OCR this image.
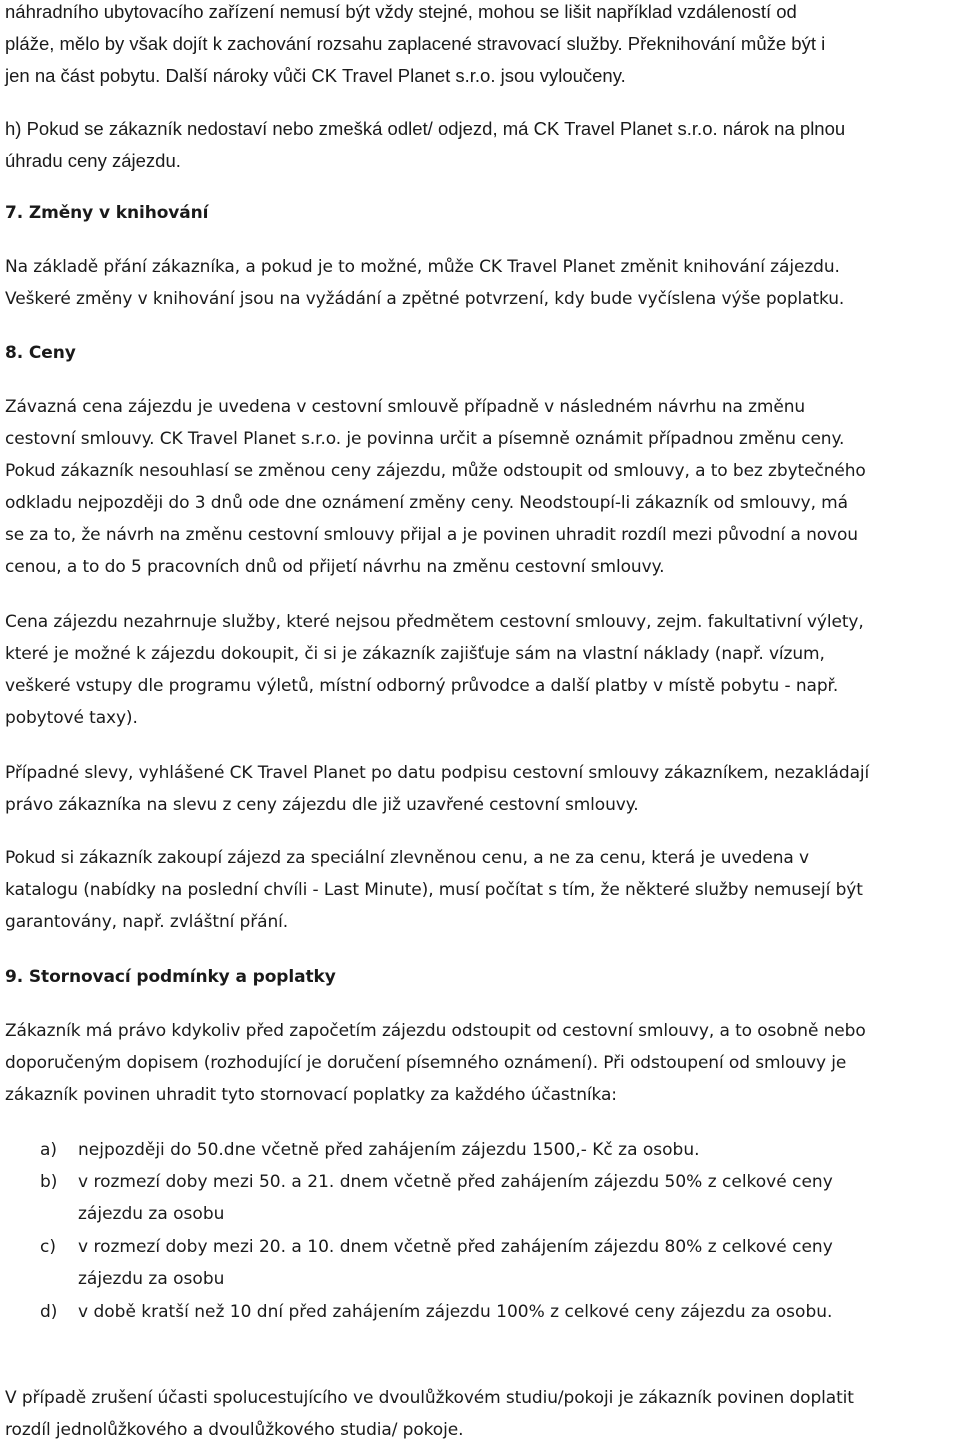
náhradního ubytovacího zařízení nemusí být vždy stejné, mohou se lišit například vzdáleností od
pláže, mělo by však dojít k zachování rozsahu zaplacené stravovací služby. Překnihování může být i
jen na část pobytu. Další nároky vůči CK Travel Planet s.r.o. jsou vyloučeny.
h) Pokud se zákazník nedostaví nebo zmešká odlet/ odjezd, má CK Travel Planet s.r.o. nárok na plnou
úhradu ceny zájezdu.
7. Změny v knihování
Na základě přání zákazníka, a pokud je to možné, může CK Travel Planet změnit knihování zájezdu.
Veškeré změny v knihování jsou na vyžádání a zpětné potvrzení, kdy bude vyčíslena výše poplatku.
8. Ceny
Závazná cena zájezdu je uvedena v cestovní smlouvě případně v následném návrhu na změnu
cestovní smlouvy. CK Travel Planet s.r.o. je povinna určit a písemně oznámit případnou změnu ceny.
Pokud zákazník nesouhlasí se změnou ceny zájezdu, může odstoupit od smlouvy, a to bez zbytečného
odkladu nejpozději do 3 dnů ode dne oznámení změny ceny. Neodstoupí-li zákazník od smlouvy, má
se za to, že návrh na změnu cestovní smlouvy přijal a je povinen uhradit rozdíl mezi původní a novou
cenou, a to do 5 pracovních dnů od přijetí návrhu na změnu cestovní smlouvy.
Cena zájezdu nezahrnuje služby, které nejsou předmětem cestovní smlouvy, zejm. fakultativní výlety,
které je možné k zájezdu dokoupit, či si je zákazník zajišťuje sám na vlastní náklady (např. vízum,
veškeré vstupy dle programu výletů, místní odborný průvodce a další platby v místě pobytu - např.
pobytové taxy).
Případné slevy, vyhlášené CK Travel Planet po datu podpisu cestovní smlouvy zákazníkem, nezakládají
právo zákazníka na slevu z ceny zájezdu dle již uzavřené cestovní smlouvy.
Pokud si zákazník zakoupí zájezd za speciální zlevněnou cenu, a ne za cenu, která je uvedena v
katalogu (nabídky na poslední chvíli - Last Minute), musí počítat s tím, že některé služby nemusejí být
garantovány, např. zvláštní přání.
9. Stornovací podmínky a poplatky
Zákazník má právo kdykoliv před započetím zájezdu odstoupit od cestovní smlouvy, a to osobně nebo
doporučeným dopisem (rozhodující je doručení písemného oznámení). Při odstoupení od smlouvy je
zákazník povinen uhradit tyto stornovací poplatky za každého účastníka:
a) nejpozději do 50.dne včetně před zahájením zájezdu 1500,- Kč za osobu.
b) v rozmezí doby mezi 50. a 21. dnem včetně před zahájením zájezdu 50% z celkové ceny
zájezdu za osobu
c) v rozmezí doby mezi 20. a 10. dnem včetně před zahájením zájezdu 80% z celkové ceny
zájezdu za osobu
d) v době kratší než 10 dní před zahájením zájezdu 100% z celkové ceny zájezdu za osobu.
V případě zrušení účasti spolucestujícího ve dvoulůžkovém studiu/pokoji je zákazník povinen doplatit
rozdíl jednolůžkového a dvoulůžkového studia/ pokoje.
